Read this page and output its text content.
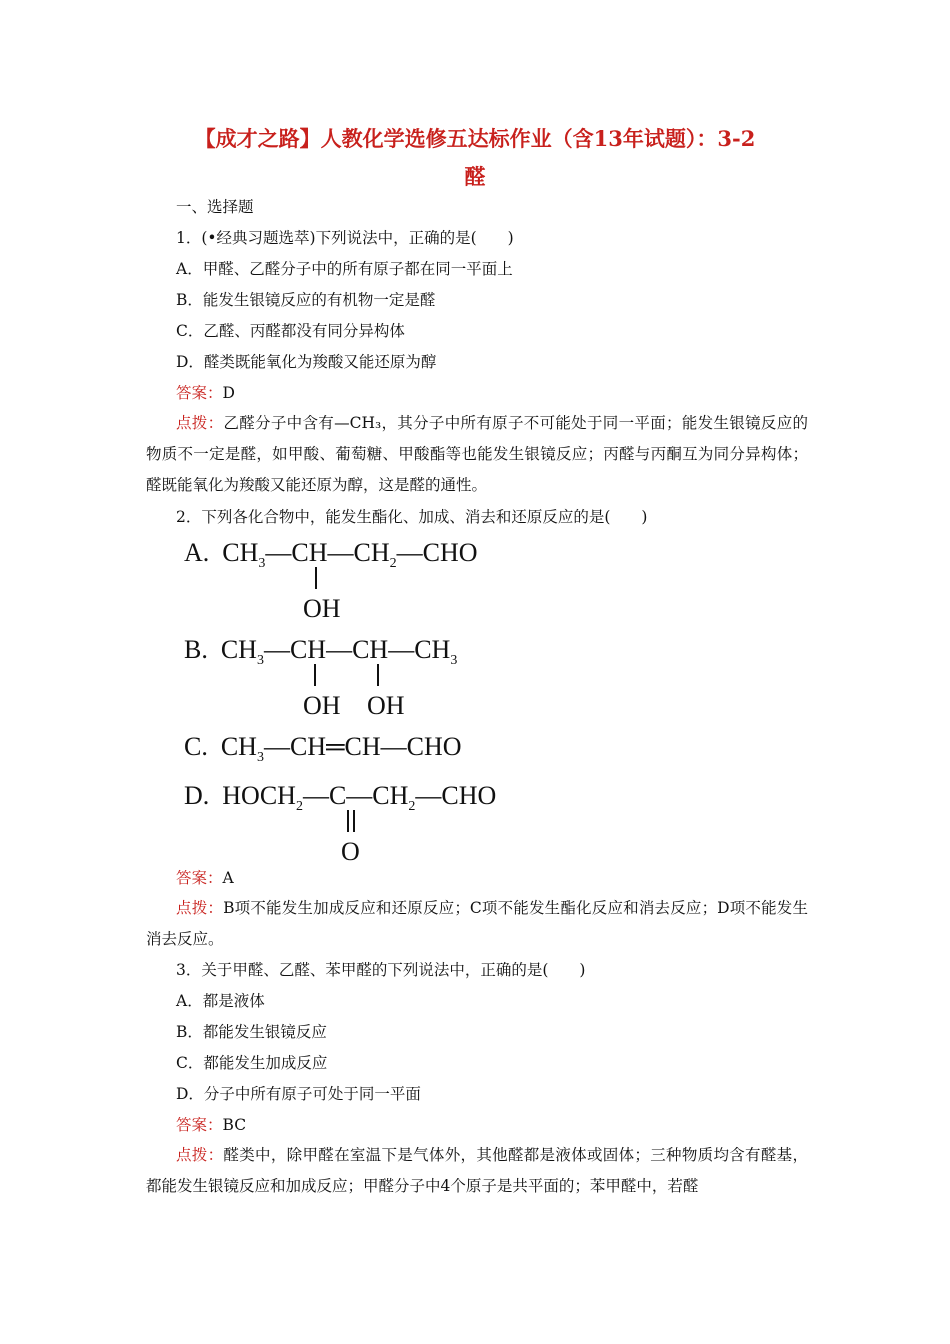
【成才之路】人教化学选修五达标作业（含13年试题）：3-2
醛
一、选择题
1．(•经典习题选萃)下列说法中，正确的是(　　)
A．甲醛、乙醛分子中的所有原子都在同一平面上
B．能发生银镜反应的有机物一定是醛
C．乙醛、丙醛都没有同分异构体
D．醛类既能氧化为羧酸又能还原为醇
答案：D
点拨：乙醛分子中含有—CH₃，其分子中所有原子不可能处于同一平面；能发生银镜反应的物质不一定是醛，如甲酸、葡萄糖、甲酸酯等也能发生银镜反应；丙醛与丙酮互为同分异构体；醛既能氧化为羧酸又能还原为醇，这是醛的通性。
2．下列各化合物中，能发生酯化、加成、消去和还原反应的是(　　)
A.  $CH_3—CH—CH_2—CHO$
OH
B.  $CH_3—CH—CH—CH_3$
OH OH
C.  $CH_3—CH═CH—CHO$
D.  $HOCH_2—C—CH_2—CHO$
O
答案：A
点拨：B项不能发生加成反应和还原反应；C项不能发生酯化反应和消去反应；D项不能发生消去反应。
3．关于甲醛、乙醛、苯甲醛的下列说法中，正确的是(　　)
A．都是液体
B．都能发生银镜反应
C．都能发生加成反应
D．分子中所有原子可处于同一平面
答案：BC
点拨：醛类中，除甲醛在室温下是气体外，其他醛都是液体或固体；三种物质均含有醛基，都能发生银镜反应和加成反应；甲醛分子中4个原子是共平面的；苯甲醛中，若醛
